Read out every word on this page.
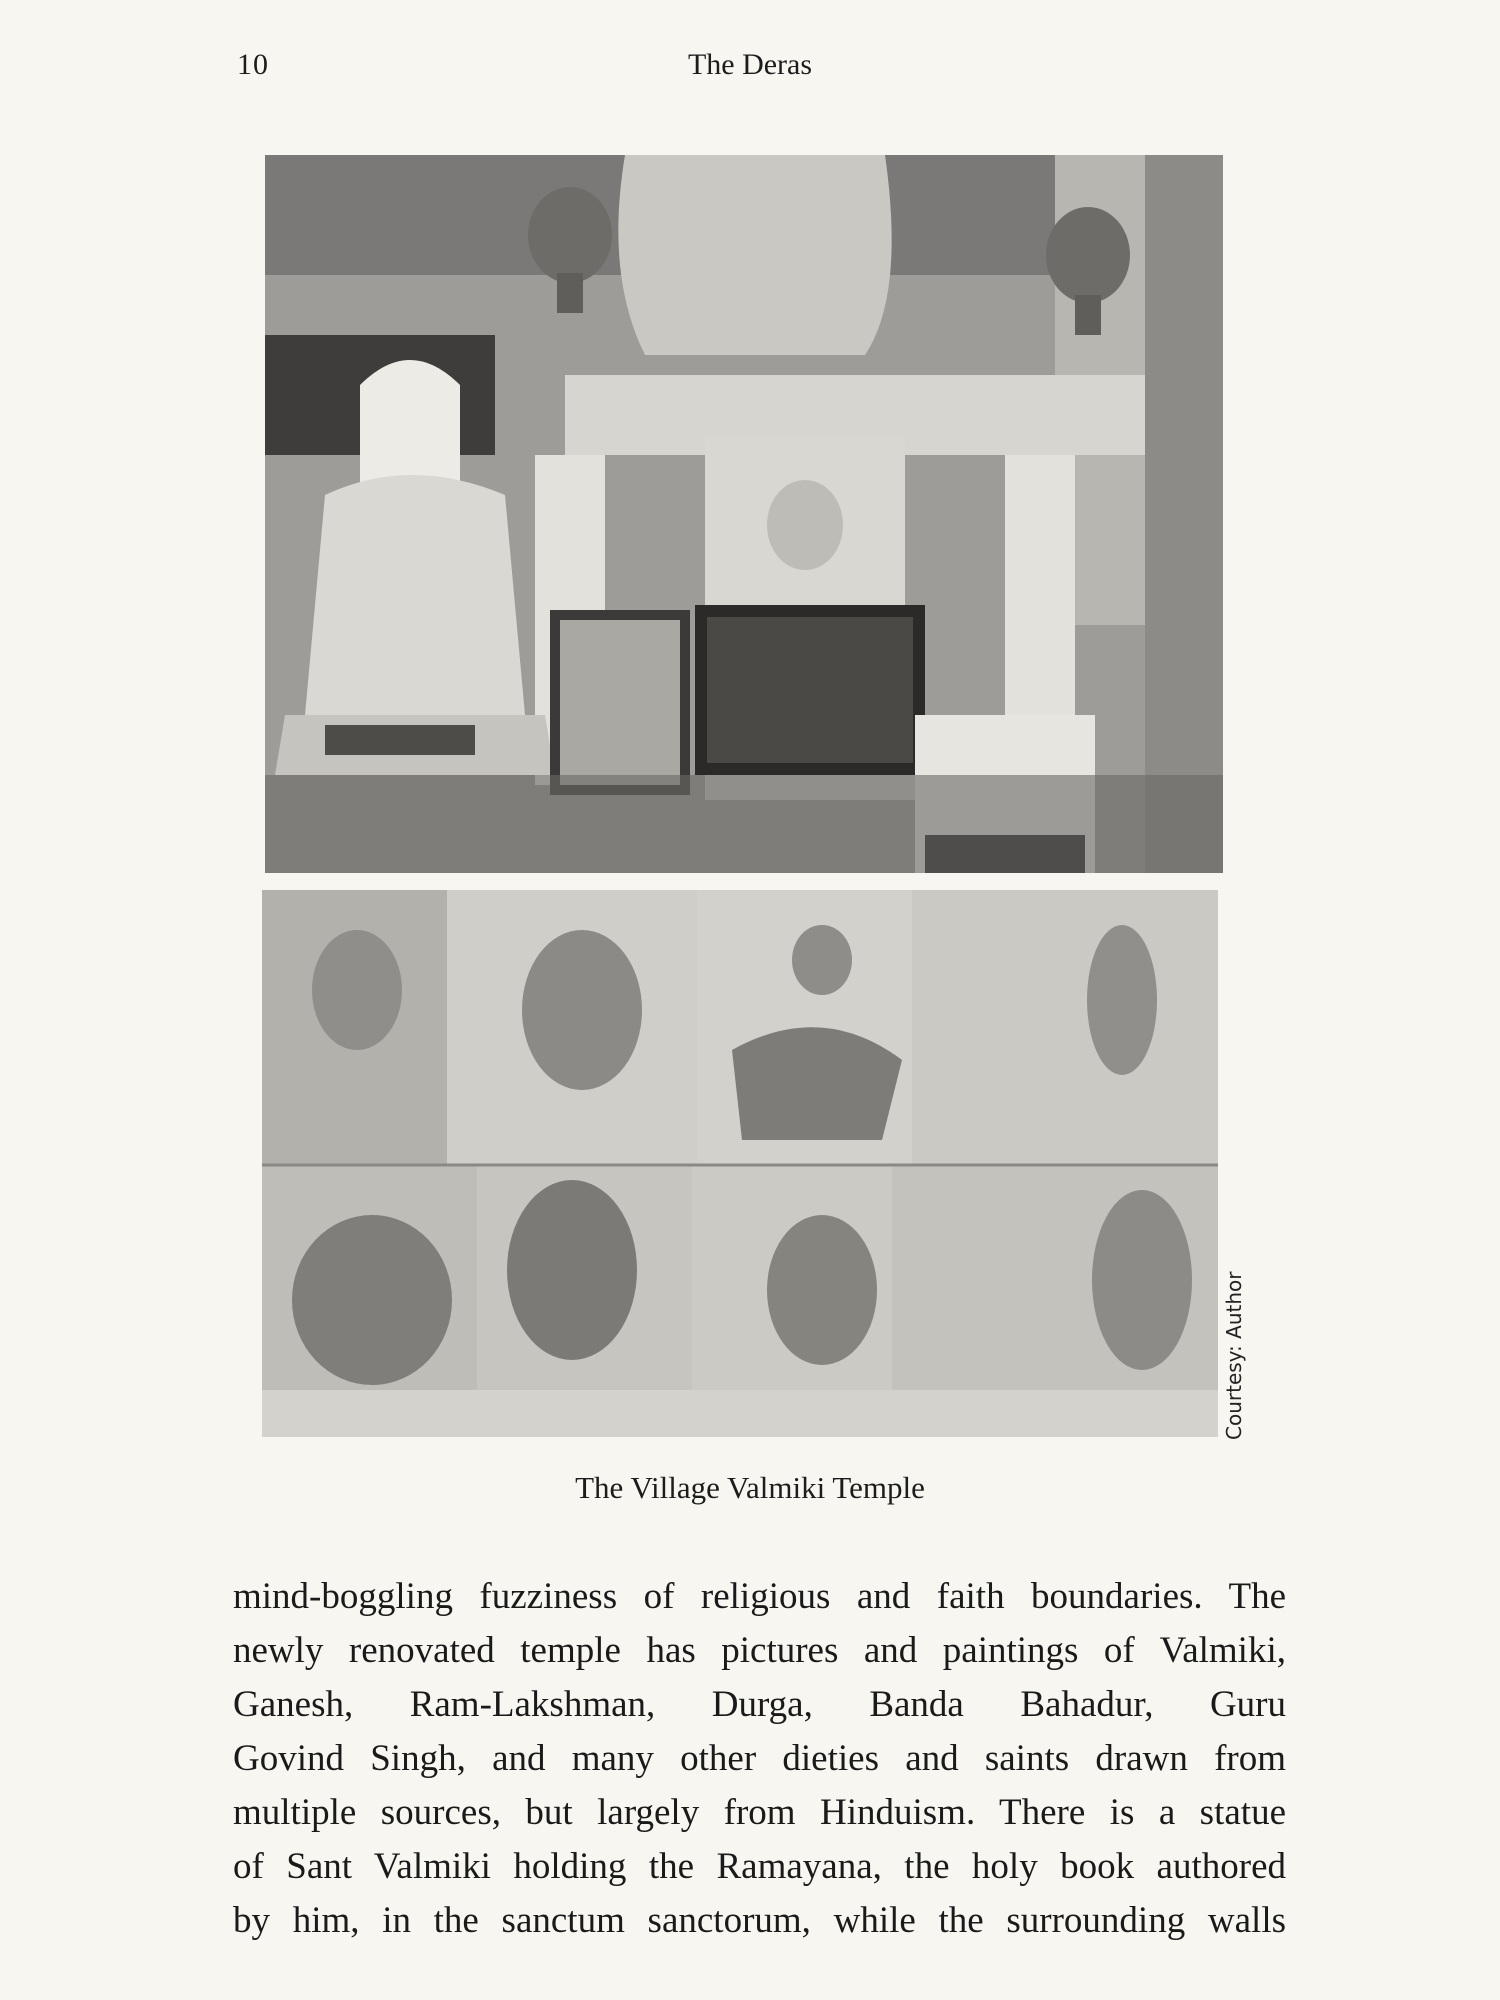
10	The Deras
Courtesy: Author
The Village Valmiki Temple
mind-boggling fuzziness of religious and faith boundaries. The
newly renovated temple has pictures and paintings of Valmiki,
Ganesh, Ram-Lakshman, Durga, Banda Bahadur, Guru
Govind Singh, and many other dieties and saints drawn from
multiple sources, but largely from Hinduism. There is a statue
of Sant Valmiki holding the Ramayana, the holy book authored
by him, in the sanctum sanctorum, while the surrounding walls
